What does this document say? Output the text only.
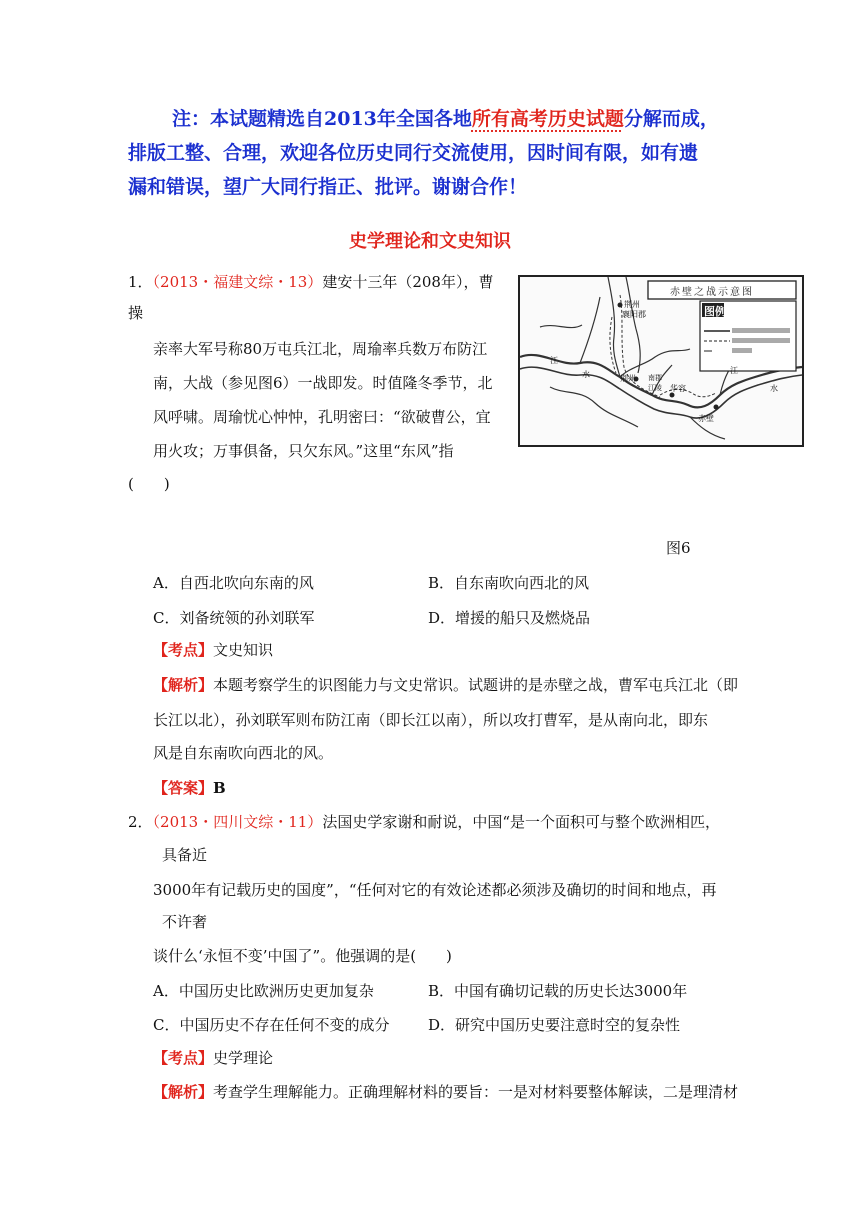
注：本试题精选自2013年全国各地所有高考历史试题分解而成，
排版工整、合理，欢迎各位历史同行交流使用，因时间有限，如有遗
漏和错误，望广大同行指正、批评。谢谢合作！
史学理论和文史知识
1．（2013・福建文综・13）建安十三年（208年），曹
操
亲率大军号称80万屯兵江北，周瑜率兵数万布防江
南，大战（参见图6）一战即发。时值隆冬季节，北
风呼啸。周瑜忧心忡忡，孔明密曰：“欲破曹公，宜
用火攻；万事俱备，只欠东风。”这里“东风”指
(　　)
赤壁之战示意图
图例
荆州
襄阳郡
江
水	荆州 南郡
江陵 华容
赤壁
江
水
图6
A．自西北吹向东南的风	B．自东南吹向西北的风
C．刘备统领的孙刘联军	D．增援的船只及燃烧品
【考点】文史知识
【解析】本题考察学生的识图能力与文史常识。试题讲的是赤壁之战，曹军屯兵江北（即
长江以北），孙刘联军则布防江南（即长江以南），所以攻打曹军，是从南向北，即东
风是自东南吹向西北的风。
【答案】B
2．（2013・四川文综・11）法国史学家谢和耐说，中国“是一个面积可与整个欧洲相匹，
具备近
3000年有记载历史的国度”，“任何对它的有效论述都必须涉及确切的时间和地点，再
不许奢
谈什么‘永恒不变’中国了”。他强调的是(　　)
A．中国历史比欧洲历史更加复杂	B．中国有确切记载的历史长达3000年
C．中国历史不存在任何不变的成分	D．研究中国历史要注意时空的复杂性
【考点】史学理论
【解析】考查学生理解能力。正确理解材料的要旨：一是对材料要整体解读，二是理清材
